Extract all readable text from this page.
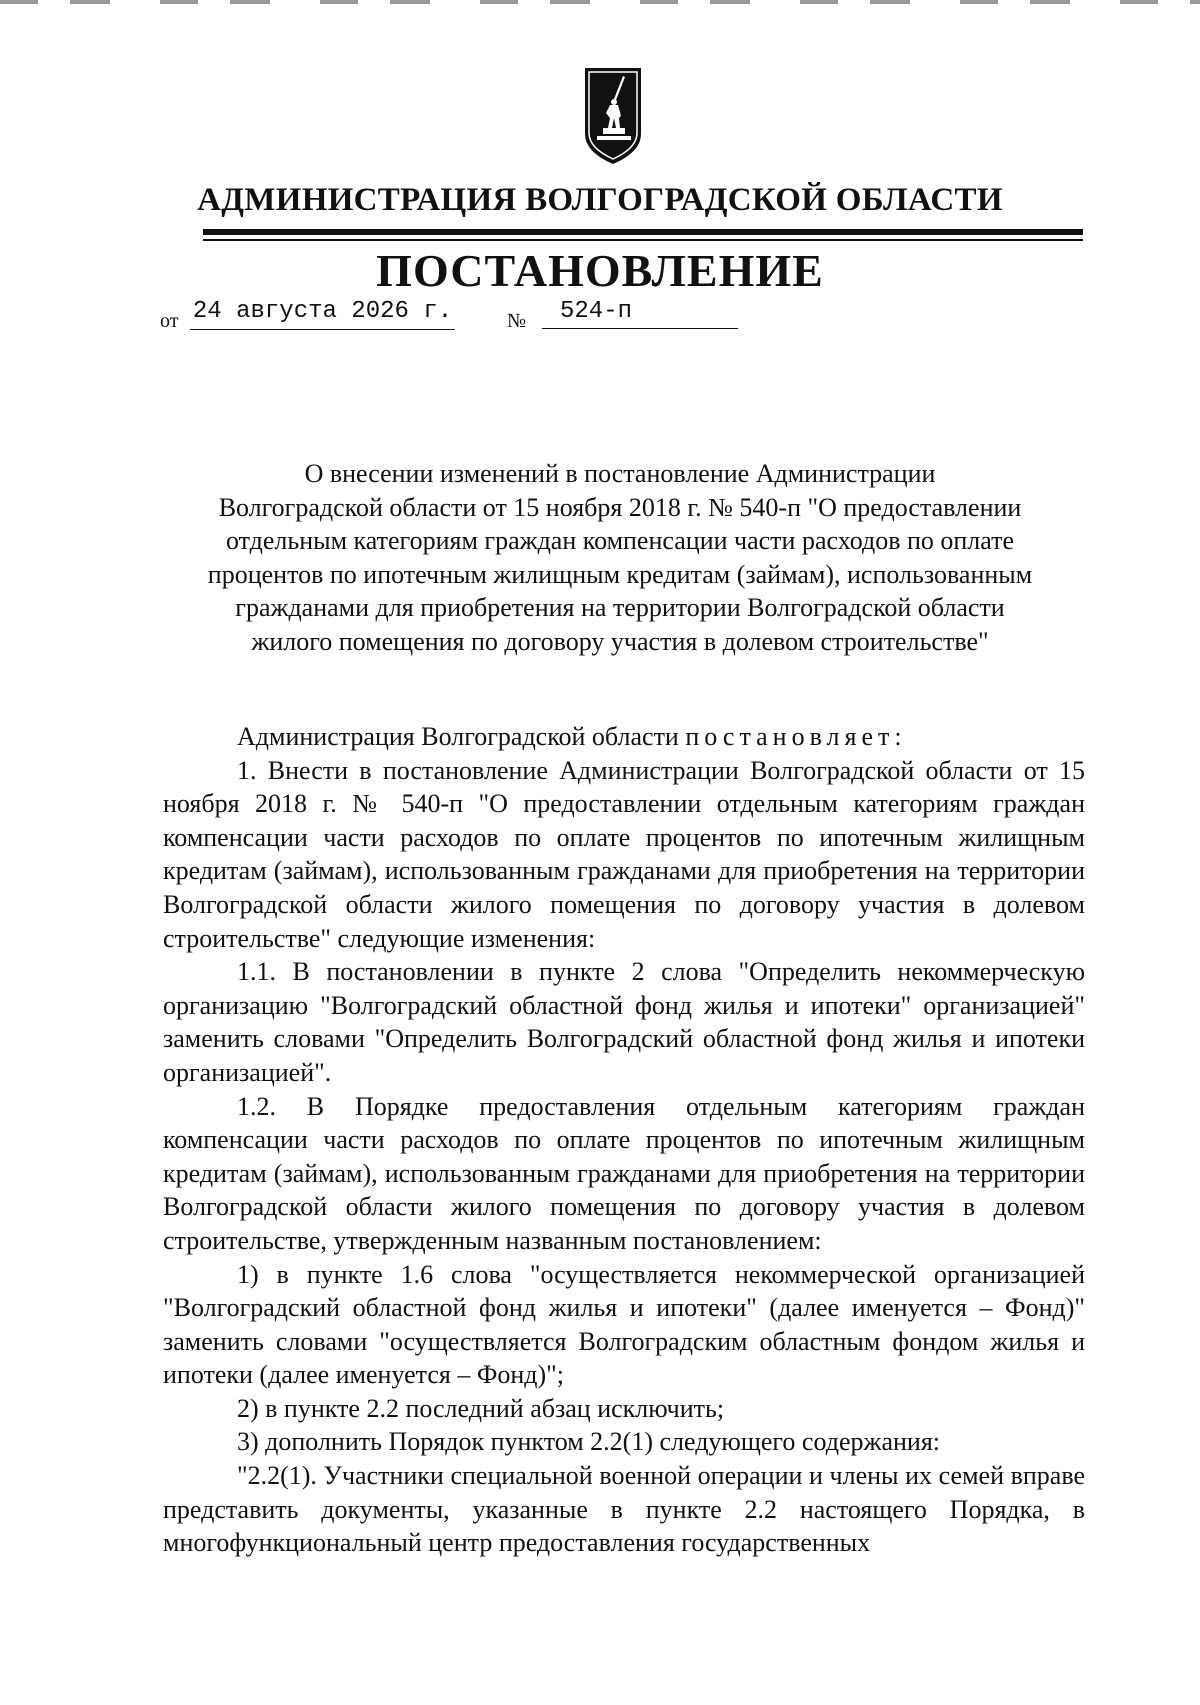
АДМИНИСТРАЦИЯ ВОЛГОГРАДСКОЙ ОБЛАСТИ
ПОСТАНОВЛЕНИЕ
от 24 августа 2026 г.	№	524-п
О внесении изменений в постановление Администрации
Волгоградской области от 15 ноября 2018 г. № 540-п "О предоставлении
отдельным категориям граждан компенсации части расходов по оплате
процентов по ипотечным жилищным кредитам (займам), использованным
гражданами для приобретения на территории Волгоградской области
жилого помещения по договору участия в долевом строительстве"

Администрация Волгоградской области постановляет:

1. Внести в постановление Администрации Волгоградской области от 15 ноября 2018 г. № 540-п "О предоставлении отдельным категориям граждан компенсации части расходов по оплате процентов по ипотечным жилищным кредитам (займам), использованным гражданами для приобретения на территории Волгоградской области жилого помещения по договору участия в долевом строительстве" следующие изменения:

1.1. В постановлении в пункте 2 слова "Определить некоммерческую организацию "Волгоградский областной фонд жилья и ипотеки" организацией" заменить словами "Определить Волгоградский областной фонд жилья и ипотеки организацией".

1.2. В Порядке предоставления отдельным категориям граждан компенсации части расходов по оплате процентов по ипотечным жилищным кредитам (займам), использованным гражданами для приобретения на территории Волгоградской области жилого помещения по договору участия в долевом строительстве, утвержденным названным постановлением:

1) в пункте 1.6 слова "осуществляется некоммерческой организацией "Волгоградский областной фонд жилья и ипотеки" (далее именуется – Фонд)" заменить словами "осуществляется Волгоградским областным фондом жилья и ипотеки (далее именуется – Фонд)";

2) в пункте 2.2 последний абзац исключить;

3) дополнить Порядок пунктом 2.2(1) следующего содержания:

"2.2(1). Участники специальной военной операции и члены их семей вправе представить документы, указанные в пункте 2.2 настоящего Порядка, в многофункциональный центр предоставления государственных
